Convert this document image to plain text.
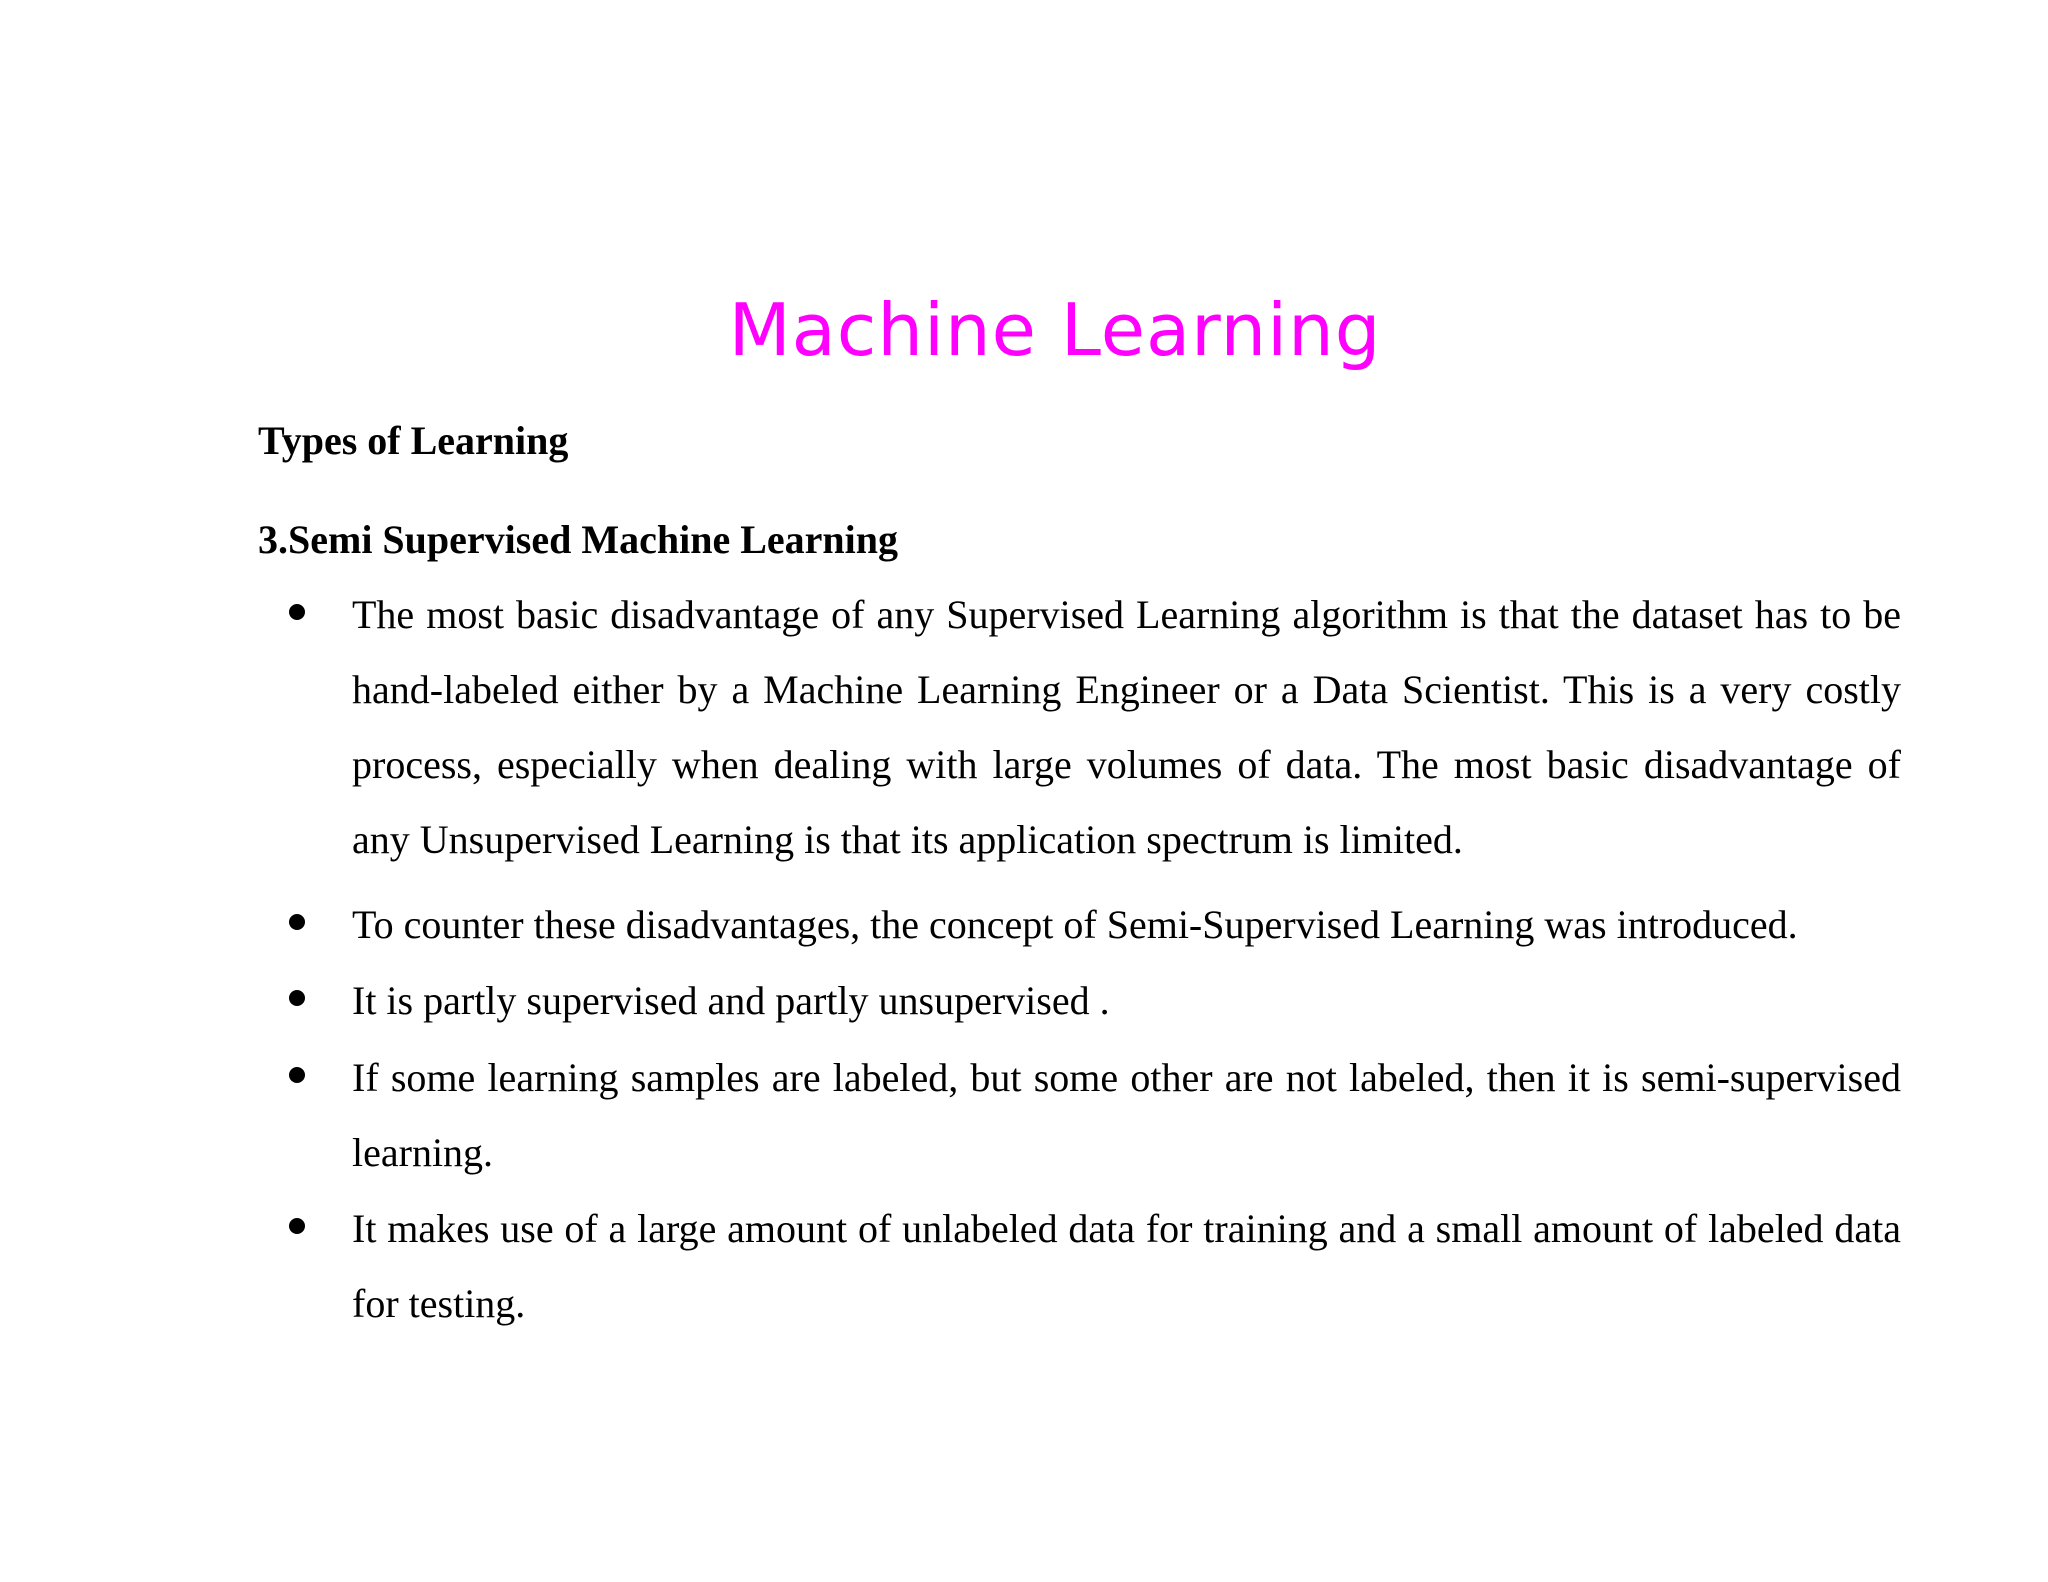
Machine Learning
Types of Learning
3.Semi Supervised Machine Learning
The most basic disadvantage of any Supervised Learning algorithm is that the dataset has to be hand-labeled either by a Machine Learning Engineer or a Data Scientist. This is a very costly process, especially when dealing with large volumes of data. The most basic disadvantage of any Unsupervised Learning is that its application spectrum is limited.
To counter these disadvantages, the concept of Semi-Supervised Learning was introduced.
It is partly supervised and partly unsupervised .
If some learning samples are labeled, but some other are not labeled, then it is semi-supervised learning.
It makes use of a large amount of unlabeled data for training and a small amount of labeled data for testing.
